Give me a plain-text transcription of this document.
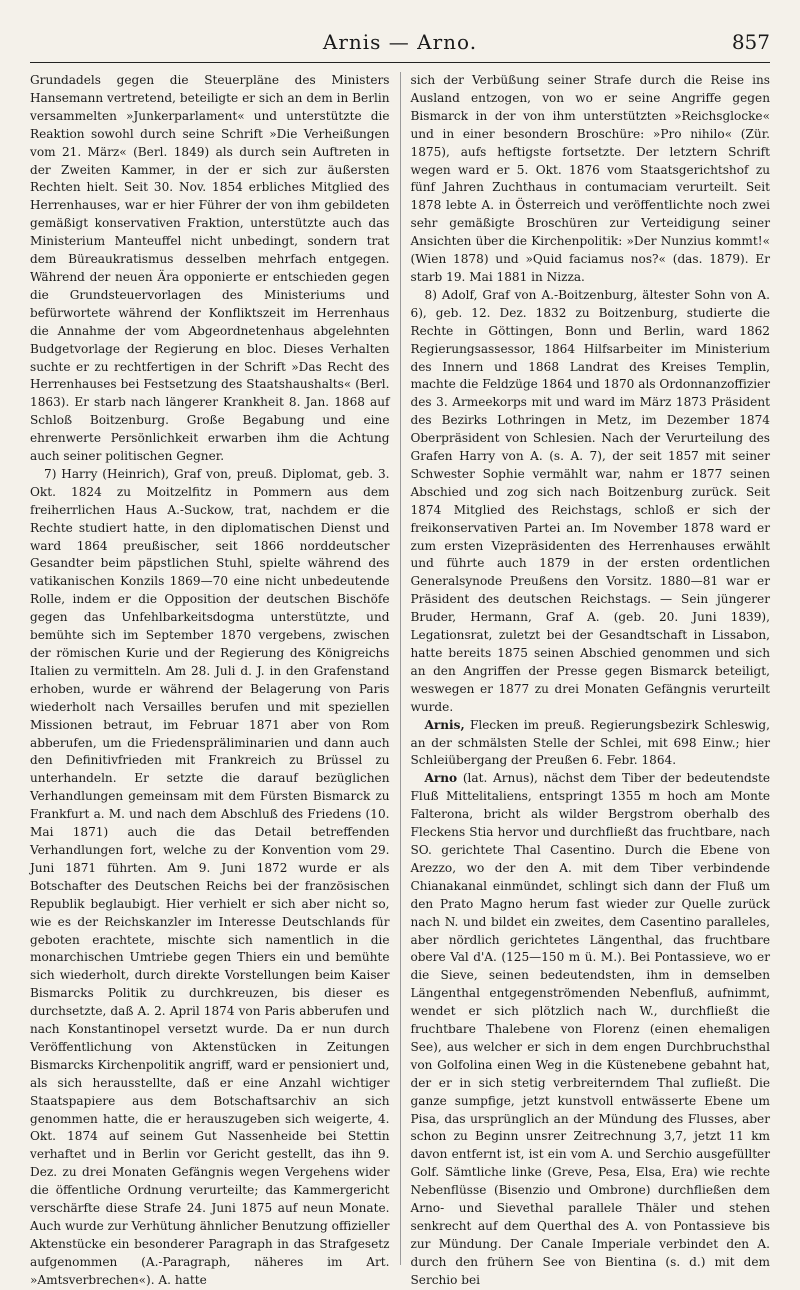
Arnis — Arno.	857

Grundadels gegen die Steuerpläne des Ministers Hansemann vertretend, beteiligte er sich an dem in Berlin versammelten »Junkerparlament« und unterstützte die Reaktion sowohl durch seine Schrift »Die Verheißungen vom 21. März« (Berl. 1849) als durch sein Auftreten in der Zweiten Kammer, in der er sich zur äußersten Rechten hielt. Seit 30. Nov. 1854 erbliches Mitglied des Herrenhauses, war er hier Führer der von ihm gebildeten gemäßigt konservativen Fraktion, unterstützte auch das Ministerium Manteuffel nicht unbedingt, sondern trat dem Büreaukratismus desselben mehrfach entgegen. Während der neuen Ära opponierte er entschieden gegen die Grundsteuervorlagen des Ministeriums und befürwortete während der Konfliktszeit im Herrenhaus die Annahme der vom Abgeordnetenhaus abgelehnten Budgetvorlage der Regierung en bloc. Dieses Verhalten suchte er zu rechtfertigen in der Schrift »Das Recht des Herrenhauses bei Festsetzung des Staatshaushalts« (Berl. 1863). Er starb nach längerer Krankheit 8. Jan. 1868 auf Schloß Boitzenburg. Große Begabung und eine ehrenwerte Persönlichkeit erwarben ihm die Achtung auch seiner politischen Gegner.

7) Harry (Heinrich), Graf von, preuß. Diplomat, geb. 3. Okt. 1824 zu Moitzelfitz in Pommern aus dem freiherrlichen Haus A.-Suckow, trat, nachdem er die Rechte studiert hatte, in den diplomatischen Dienst und ward 1864 preußischer, seit 1866 norddeutscher Gesandter beim päpstlichen Stuhl, spielte während des vatikanischen Konzils 1869—70 eine nicht unbedeutende Rolle, indem er die Opposition der deutschen Bischöfe gegen das Unfehlbarkeitsdogma unterstützte, und bemühte sich im September 1870 vergebens, zwischen der römischen Kurie und der Regierung des Königreichs Italien zu vermitteln. Am 28. Juli d. J. in den Grafenstand erhoben, wurde er während der Belagerung von Paris wiederholt nach Versailles berufen und mit speziellen Missionen betraut, im Februar 1871 aber von Rom abberufen, um die Friedenspräliminarien und dann auch den Definitivfrieden mit Frankreich zu Brüssel zu unterhandeln. Er setzte die darauf bezüglichen Verhandlungen gemeinsam mit dem Fürsten Bismarck zu Frankfurt a. M. und nach dem Abschluß des Friedens (10. Mai 1871) auch die das Detail betreffenden Verhandlungen fort, welche zu der Konvention vom 29. Juni 1871 führten. Am 9. Juni 1872 wurde er als Botschafter des Deutschen Reichs bei der französischen Republik beglaubigt. Hier verhielt er sich aber nicht so, wie es der Reichskanzler im Interesse Deutschlands für geboten erachtete, mischte sich namentlich in die monarchischen Umtriebe gegen Thiers ein und bemühte sich wiederholt, durch direkte Vorstellungen beim Kaiser Bismarcks Politik zu durchkreuzen, bis dieser es durchsetzte, daß A. 2. April 1874 von Paris abberufen und nach Konstantinopel versetzt wurde. Da er nun durch Veröffentlichung von Aktenstücken in Zeitungen Bismarcks Kirchenpolitik angriff, ward er pensioniert und, als sich herausstellte, daß er eine Anzahl wichtiger Staatspapiere aus dem Botschaftsarchiv an sich genommen hatte, die er herauszugeben sich weigerte, 4. Okt. 1874 auf seinem Gut Nassenheide bei Stettin verhaftet und in Berlin vor Gericht gestellt, das ihn 9. Dez. zu drei Monaten Gefängnis wegen Vergehens wider die öffentliche Ordnung verurteilte; das Kammergericht verschärfte diese Strafe 24. Juni 1875 auf neun Monate. Auch wurde zur Verhütung ähnlicher Benutzung offizieller Aktenstücke ein besonderer Paragraph in das Strafgesetz aufgenommen (A.-Paragraph, näheres im Art. »Amtsverbrechen«). A. hatte

sich der Verbüßung seiner Strafe durch die Reise ins Ausland entzogen, von wo er seine Angriffe gegen Bismarck in der von ihm unterstützten »Reichsglocke« und in einer besondern Broschüre: »Pro nihilo« (Zür. 1875), aufs heftigste fortsetzte. Der letztern Schrift wegen ward er 5. Okt. 1876 vom Staatsgerichtshof zu fünf Jahren Zuchthaus in contumaciam verurteilt. Seit 1878 lebte A. in Österreich und veröffentlichte noch zwei sehr gemäßigte Broschüren zur Verteidigung seiner Ansichten über die Kirchenpolitik: »Der Nunzius kommt!« (Wien 1878) und »Quid faciamus nos?« (das. 1879). Er starb 19. Mai 1881 in Nizza.

8) Adolf, Graf von A.-Boitzenburg, ältester Sohn von A. 6), geb. 12. Dez. 1832 zu Boitzenburg, studierte die Rechte in Göttingen, Bonn und Berlin, ward 1862 Regierungsassessor, 1864 Hilfsarbeiter im Ministerium des Innern und 1868 Landrat des Kreises Templin, machte die Feldzüge 1864 und 1870 als Ordonnanzoffizier des 3. Armeekorps mit und ward im März 1873 Präsident des Bezirks Lothringen in Metz, im Dezember 1874 Oberpräsident von Schlesien. Nach der Verurteilung des Grafen Harry von A. (s. A. 7), der seit 1857 mit seiner Schwester Sophie vermählt war, nahm er 1877 seinen Abschied und zog sich nach Boitzenburg zurück. Seit 1874 Mitglied des Reichstags, schloß er sich der freikonservativen Partei an. Im November 1878 ward er zum ersten Vizepräsidenten des Herrenhauses erwählt und führte auch 1879 in der ersten ordentlichen Generalsynode Preußens den Vorsitz. 1880—81 war er Präsident des deutschen Reichstags. — Sein jüngerer Bruder, Hermann, Graf A. (geb. 20. Juni 1839), Legationsrat, zuletzt bei der Gesandtschaft in Lissabon, hatte bereits 1875 seinen Abschied genommen und sich an den Angriffen der Presse gegen Bismarck beteiligt, weswegen er 1877 zu drei Monaten Gefängnis verurteilt wurde.

Arnis, Flecken im preuß. Regierungsbezirk Schleswig, an der schmälsten Stelle der Schlei, mit 698 Einw.; hier Schleiübergang der Preußen 6. Febr. 1864.

Arno (lat. Arnus), nächst dem Tiber der bedeutendste Fluß Mittelitaliens, entspringt 1355 m hoch am Monte Falterona, bricht als wilder Bergstrom oberhalb des Fleckens Stia hervor und durchfließt das fruchtbare, nach SO. gerichtete Thal Casentino. Durch die Ebene von Arezzo, wo der den A. mit dem Tiber verbindende Chianakanal einmündet, schlingt sich dann der Fluß um den Prato Magno herum fast wieder zur Quelle zurück nach N. und bildet ein zweites, dem Casentino paralleles, aber nördlich gerichtetes Längenthal, das fruchtbare obere Val d'A. (125—150 m ü. M.). Bei Pontassieve, wo er die Sieve, seinen bedeutendsten, ihm in demselben Längenthal entgegenströmenden Nebenfluß, aufnimmt, wendet er sich plötzlich nach W., durchfließt die fruchtbare Thalebene von Florenz (einen ehemaligen See), aus welcher er sich in dem engen Durchbruchsthal von Golfolina einen Weg in die Küstenebene gebahnt hat, der er in sich stetig verbreiterndem Thal zufließt. Die ganze sumpfige, jetzt kunstvoll entwässerte Ebene um Pisa, das ursprünglich an der Mündung des Flusses, aber schon zu Beginn unsrer Zeitrechnung 3,7, jetzt 11 km davon entfernt ist, ist ein vom A. und Serchio ausgefüllter Golf. Sämtliche linke (Greve, Pesa, Elsa, Era) wie rechte Nebenflüsse (Bisenzio und Ombrone) durchfließen dem Arno- und Sievethal parallele Thäler und stehen senkrecht auf dem Querthal des A. von Pontassieve bis zur Mündung. Der Canale Imperiale verbindet den A. durch den frühern See von Bientina (s. d.) mit dem Serchio bei
